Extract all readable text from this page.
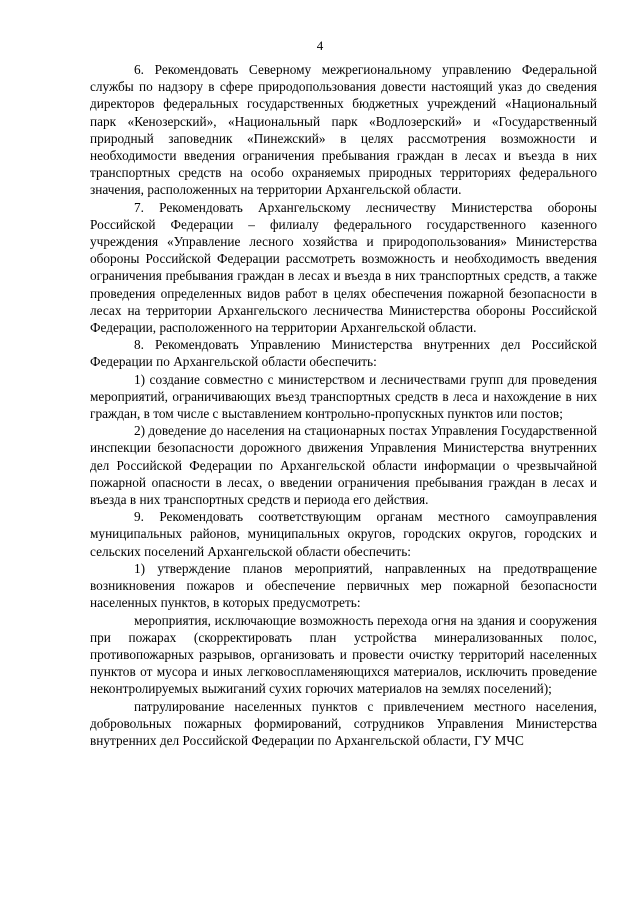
4

6. Рекомендовать Северному межрегиональному управлению Федеральной службы по надзору в сфере природопользования довести настоящий указ до сведения директоров федеральных государственных бюджетных учреждений «Национальный парк «Кенозерский», «Национальный парк «Водлозерский» и «Государственный природный заповедник «Пинежский» в целях рассмотрения возможности и необходимости введения ограничения пребывания граждан в лесах и въезда в них транспортных средств на особо охраняемых природных территориях федерального значения, расположенных на территории Архангельской области.

7. Рекомендовать Архангельскому лесничеству Министерства обороны Российской Федерации – филиалу федерального государственного казенного учреждения «Управление лесного хозяйства и природопользования» Министерства обороны Российской Федерации рассмотреть возможность и необходимость введения ограничения пребывания граждан в лесах и въезда в них транспортных средств, а также проведения определенных видов работ в целях обеспечения пожарной безопасности в лесах на территории Архангельского лесничества Министерства обороны Российской Федерации, расположенного на территории Архангельской области.

8. Рекомендовать Управлению Министерства внутренних дел Российской Федерации по Архангельской области обеспечить:

1) создание совместно с министерством и лесничествами групп для проведения мероприятий, ограничивающих въезд транспортных средств в леса и нахождение в них граждан, в том числе с выставлением контрольно-пропускных пунктов или постов;

2) доведение до населения на стационарных постах Управления Государственной инспекции безопасности дорожного движения Управления Министерства внутренних дел Российской Федерации по Архангельской области информации о чрезвычайной пожарной опасности в лесах, о введении ограничения пребывания граждан в лесах и въезда в них транспортных средств и периода его действия.

9. Рекомендовать соответствующим органам местного самоуправления муниципальных районов, муниципальных округов, городских округов, городских и сельских поселений Архангельской области обеспечить:

1) утверждение планов мероприятий, направленных на предотвращение возникновения пожаров и обеспечение первичных мер пожарной безопасности населенных пунктов, в которых предусмотреть:

мероприятия, исключающие возможность перехода огня на здания и сооружения при пожарах (скорректировать план устройства минерализованных полос, противопожарных разрывов, организовать и провести очистку территорий населенных пунктов от мусора и иных легковоспламеняющихся материалов, исключить проведение неконтролируемых выжиганий сухих горючих материалов на землях поселений);

патрулирование населенных пунктов с привлечением местного населения, добровольных пожарных формирований, сотрудников Управления Министерства внутренних дел Российской Федерации по Архангельской области, ГУ МЧС
